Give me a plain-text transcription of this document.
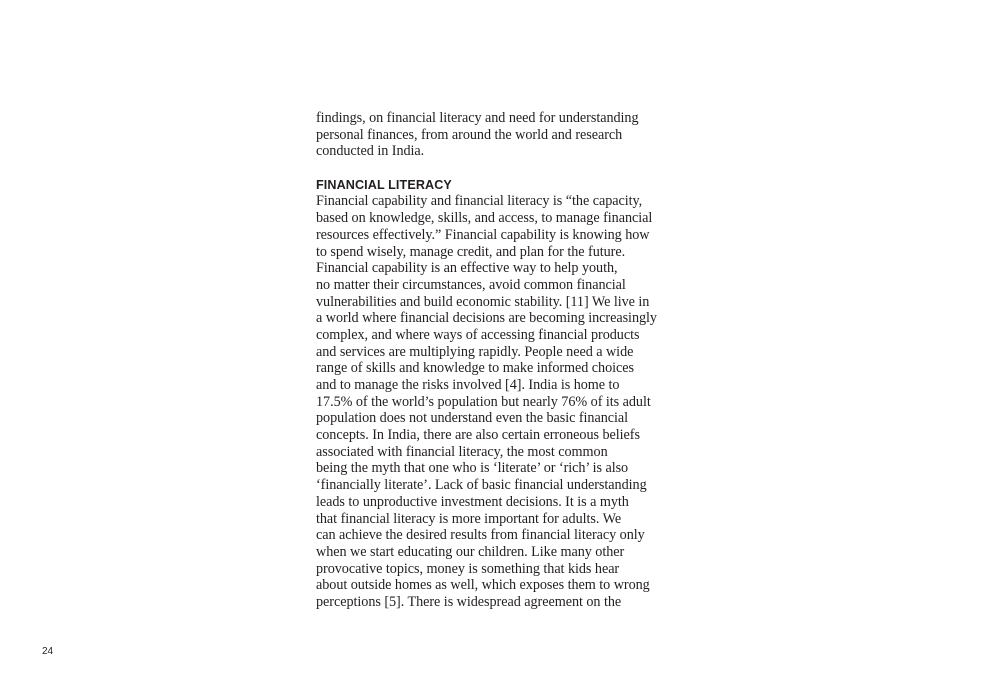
findings, on financial literacy and need for understanding
personal finances, from around the world and research
conducted in India.
FINANCIAL LITERACY
Financial capability and financial literacy is “the capacity,
based on knowledge, skills, and access, to manage financial
resources effectively.” Financial capability is knowing how
to spend wisely, manage credit, and plan for the future.
Financial capability is an effective way to help youth,
no matter their circumstances, avoid common financial
vulnerabilities and build economic stability. [11] We live in
a world where financial decisions are becoming increasingly
complex, and where ways of accessing financial products
and services are multiplying rapidly. People need a wide
range of skills and knowledge to make informed choices
and to manage the risks involved [4]. India is home to
17.5% of the world’s population but nearly 76% of its adult
population does not understand even the basic financial
concepts. In India, there are also certain erroneous beliefs
associated with financial literacy, the most common
being the myth that one who is ‘literate’ or ‘rich’ is also
‘financially literate’. Lack of basic financial understanding
leads to unproductive investment decisions. It is a myth
that financial literacy is more important for adults. We
can achieve the desired results from financial literacy only
when we start educating our children. Like many other
provocative topics, money is something that kids hear
about outside homes as well, which exposes them to wrong
perceptions [5]. There is widespread agreement on the
24
